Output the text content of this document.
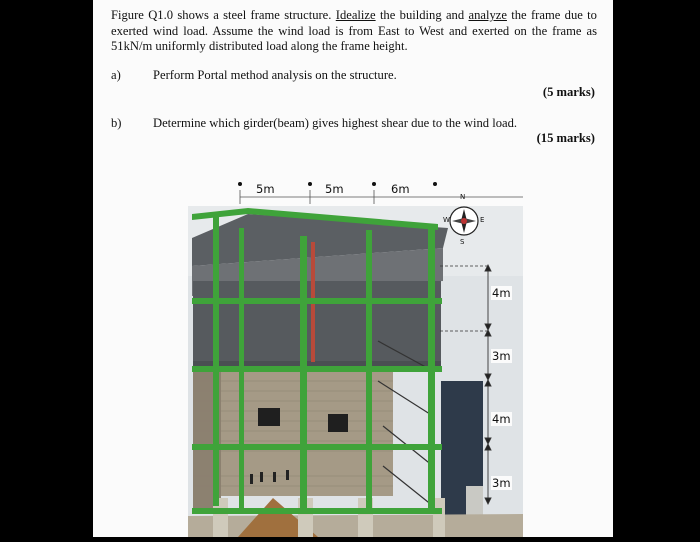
Figure Q1.0 shows a steel frame structure. Idealize the building and analyze the frame due to exerted wind load. Assume the wind load is from East to West and exerted on the frame as 51kN/m uniformly distributed load along the frame height.
a)	Perform Portal method analysis on the structure.
(5 marks)
b)	Determine which girder(beam) gives highest shear due to the wind load.
(15 marks)
5m	5m	6m
N
E
S
W
4m
3m
4m
3m
